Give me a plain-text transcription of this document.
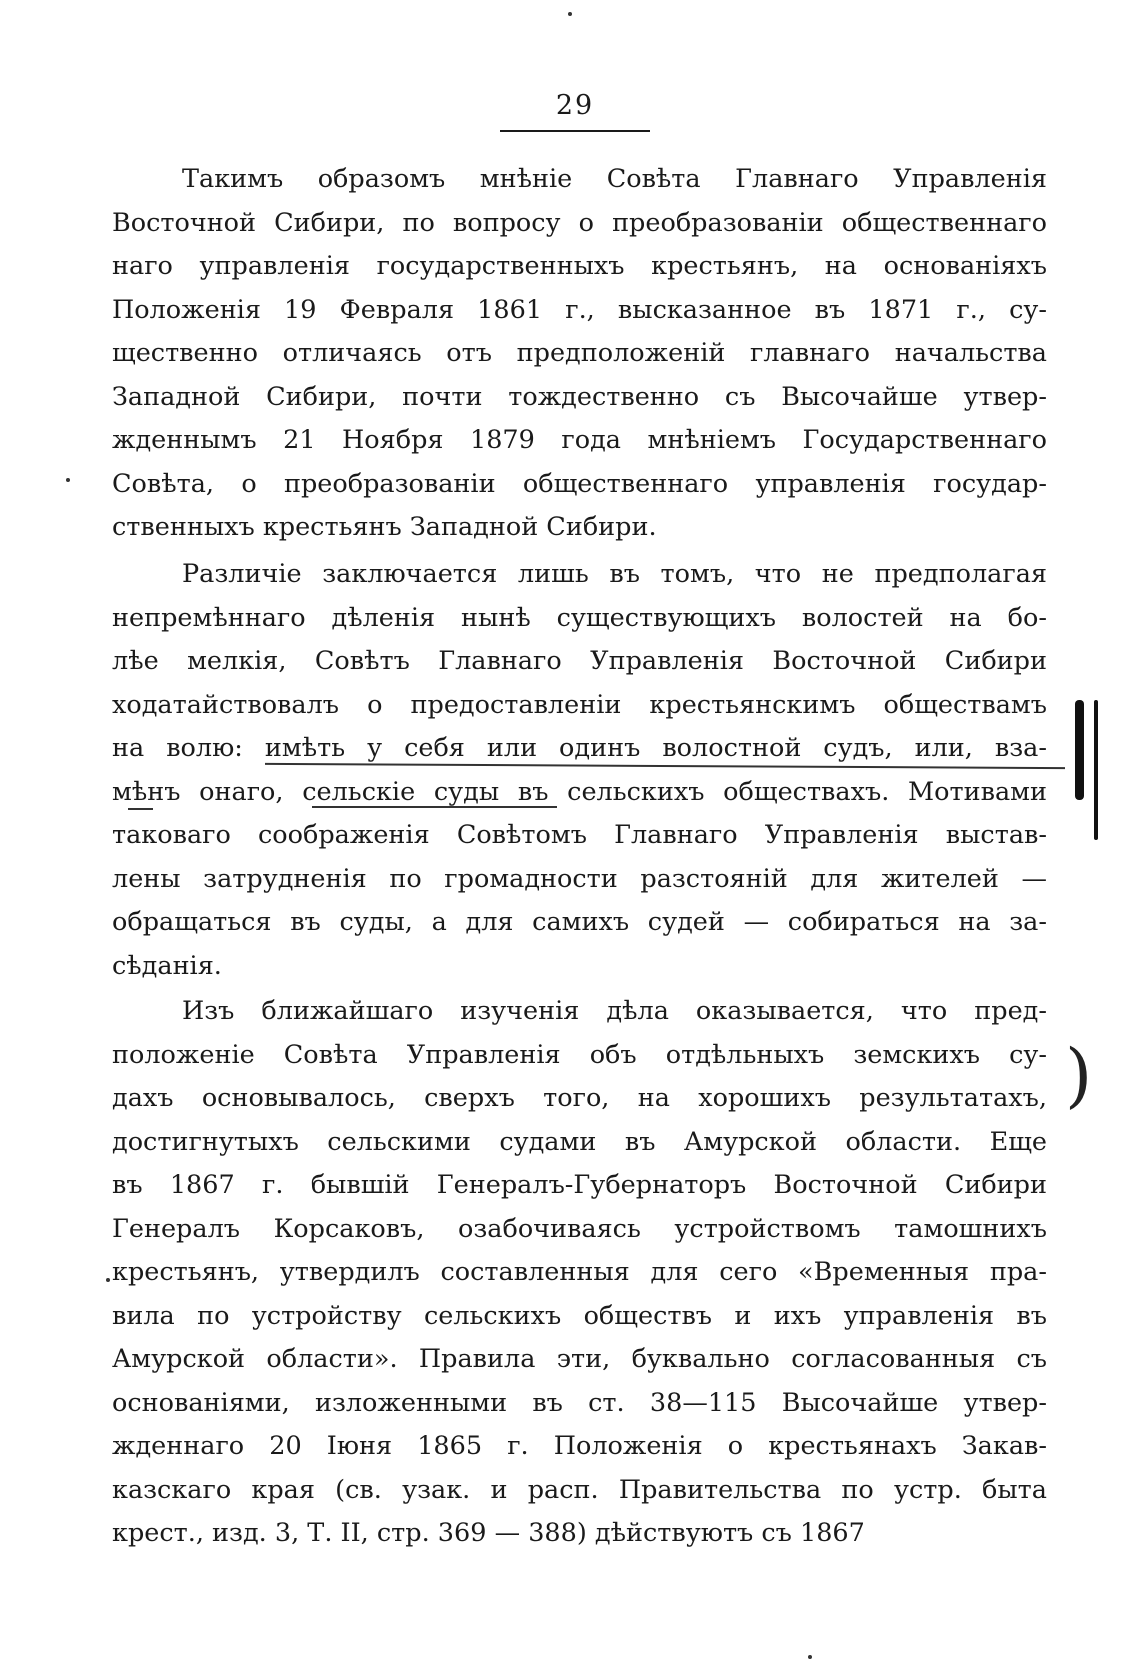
29
Такимъ образомъ мнѣніе Совѣта Главнаго Управленія
Восточной Сибири, по вопросу о преобразованіи общественнаго
наго управленія государственныхъ крестьянъ, на основаніяхъ
Положенія 19 Февраля 1861 г., высказанное въ 1871 г., су-
щественно отличаясь отъ предположеній главнаго начальства
Западной Сибири, почти тождественно съ Высочайше утвер-
жденнымъ 21 Ноября 1879 года мнѣніемъ Государственнаго
Совѣта, о преобразованіи общественнаго управленія государ-
ственныхъ крестьянъ Западной Сибири.
Различіе заключается лишь въ томъ, что не предполагая
непремѣннаго дѣленія нынѣ существующихъ волостей на бо-
лѣе мелкія, Совѣтъ Главнаго Управленія Восточной Сибири
ходатайствовалъ о предоставленіи крестьянскимъ обществамъ
на волю: имѣть у себя или одинъ волостной судъ, или, вза-
мѣнъ онаго, сельскіе суды въ сельскихъ обществахъ. Мотивами
таковаго соображенія Совѣтомъ Главнаго Управленія выстав-
лены затрудненія по громадности разстояній для жителей —
обращаться въ суды, а для самихъ судей — собираться на за-
сѣданія.
Изъ ближайшаго изученія дѣла оказывается, что пред-
положеніе Совѣта Управленія объ отдѣльныхъ земскихъ су-
дахъ основывалось, сверхъ того, на хорошихъ результатахъ,
достигнутыхъ сельскими судами въ Амурской области. Еще
въ 1867 г. бывшій Генералъ-Губернаторъ Восточной Сибири
Генералъ Корсаковъ, озабочиваясь устройствомъ тамошнихъ
крестьянъ, утвердилъ составленныя для сего «Временныя пра-
вила по устройству сельскихъ обществъ и ихъ управленія въ
Амурской области». Правила эти, буквально согласованныя съ
основаніями, изложенными въ ст. 38—115 Высочайше утвер-
жденнаго 20 Іюня 1865 г. Положенія о крестьянахъ Закав-
казскаго края (св. узак. и расп. Правительства по устр. быта
крест., изд. 3, Т. II, стр. 369 — 388) дѣйствуютъ съ 1867
)
